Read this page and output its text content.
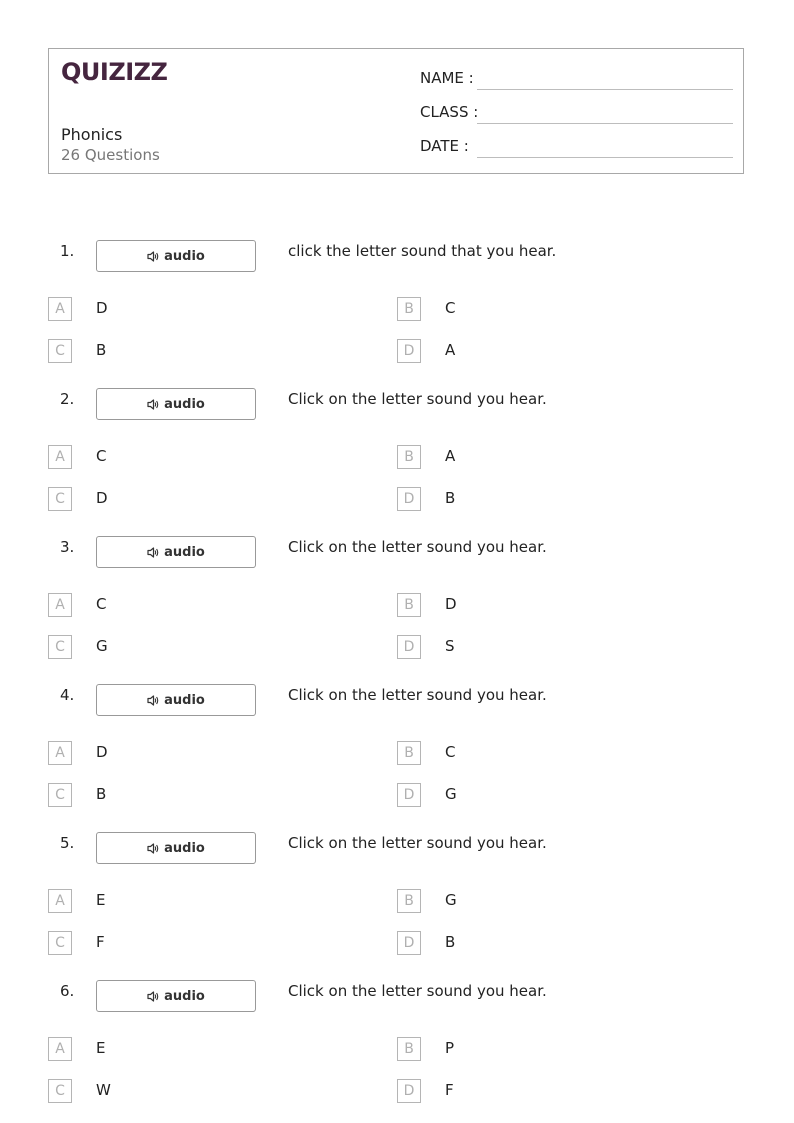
QUIZIZZ
Phonics
26 Questions
NAME :
CLASS :
DATE :
1.	audio	click the letter sound that you hear.
A	D	B	C
C	B	D	A
2.	audio	Click on the letter sound you hear.
A	C	B	A
C	D	D	B
3.	audio	Click on the letter sound you hear.
A	C	B	D
C	G	D	S
4.	audio	Click on the letter sound you hear.
A	D	B	C
C	B	D	G
5.	audio	Click on the letter sound you hear.
A	E	B	G
C	F	D	B
6.	audio	Click on the letter sound you hear.
A	E	B	P
C	W	D	F
